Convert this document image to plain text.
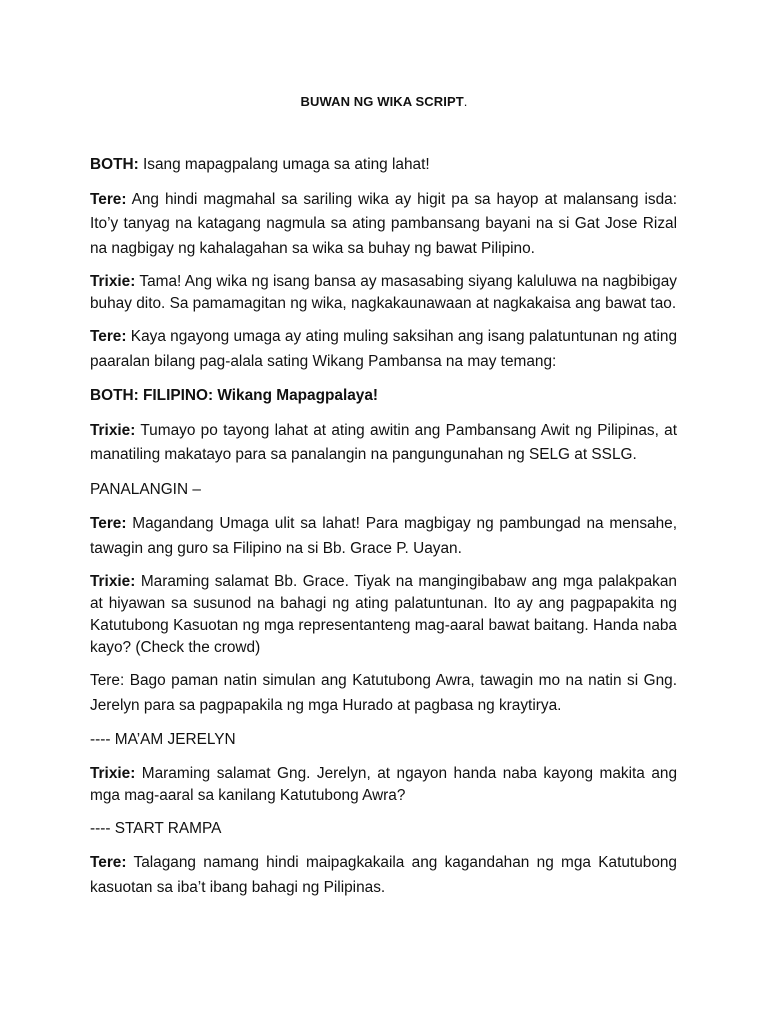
BUWAN NG WIKA SCRIPT.

BOTH: Isang mapagpalang umaga sa ating lahat!

Tere: Ang hindi magmahal sa sariling wika ay higit pa sa hayop at malansang isda: Ito’y tanyag na katagang nagmula sa ating pambansang bayani na si Gat Jose Rizal na nagbigay ng kahalagahan sa wika sa buhay ng bawat Pilipino.

Trixie: Tama! Ang wika ng isang bansa ay masasabing siyang kaluluwa na nagbibigay buhay dito. Sa pamamagitan ng wika, nagkakaunawaan at nagkakaisa ang bawat tao.

Tere: Kaya ngayong umaga ay ating muling saksihan ang isang palatuntunan ng ating paaralan bilang pag-alala sating Wikang Pambansa na may temang:

BOTH: FILIPINO: Wikang Mapagpalaya!

Trixie: Tumayo po tayong lahat at ating awitin ang Pambansang Awit ng Pilipinas, at manatiling makatayo para sa panalangin na pangungunahan ng SELG at SSLG.

PANALANGIN –

Tere: Magandang Umaga ulit sa lahat! Para magbigay ng pambungad na mensahe, tawagin ang guro sa Filipino na si Bb. Grace P. Uayan.

Trixie: Maraming salamat Bb. Grace. Tiyak na mangingibabaw ang mga palakpakan at hiyawan sa susunod na bahagi ng ating palatuntunan. Ito ay ang pagpapakita ng Katutubong Kasuotan ng mga representanteng mag-aaral bawat baitang. Handa naba kayo? (Check the crowd)

Tere: Bago paman natin simulan ang Katutubong Awra, tawagin mo na natin si Gng. Jerelyn para sa pagpapakila ng mga Hurado at pagbasa ng kraytirya.

---- MA’AM JERELYN

Trixie: Maraming salamat Gng. Jerelyn, at ngayon handa naba kayong makita ang mga mag-aaral sa kanilang Katutubong Awra?

---- START RAMPA

Tere: Talagang namang hindi maipagkakaila ang kagandahan ng mga Katutubong kasuotan sa iba’t ibang bahagi ng Pilipinas.
